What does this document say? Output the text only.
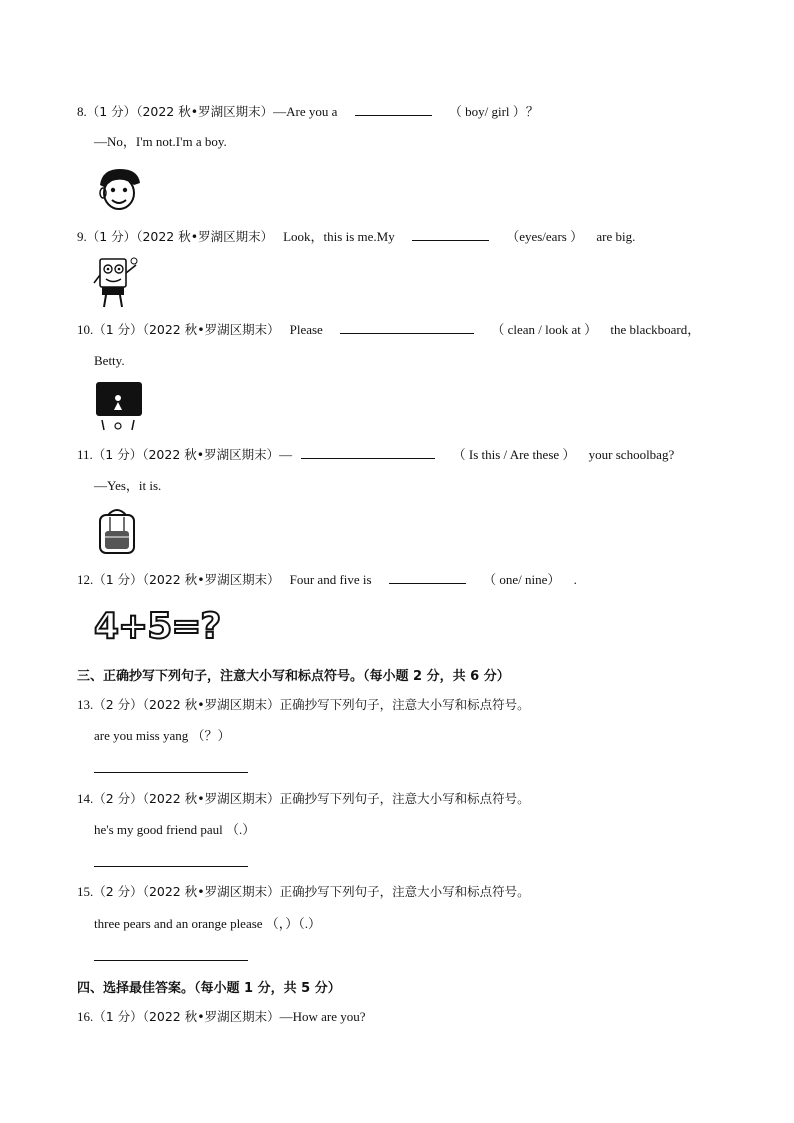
8.（1 分）（2022 秋•罗湖区期末）—Are you a	（ boy/ girl ）？
—No，I'm not.I'm a boy.
9.（1 分）（2022 秋•罗湖区期末） Look，this is me.My	（eyes/ears ） are big.
10.（1 分）（2022 秋•罗湖区期末） Please	（ clean / look at ） the blackboard，
Betty.
11.（1 分）（2022 秋•罗湖区期末）—	（ Is this / Are these ） your schoolbag?
—Yes，it is.
12.（1 分）（2022 秋•罗湖区期末） Four and five is	（ one/ nine） .
4+5=?
三、正确抄写下列句子，注意大小写和标点符号。（每小题 2 分，共 6 分）
13.（2 分）（2022 秋•罗湖区期末）正确抄写下列句子，注意大小写和标点符号。
are you miss yang （？）
14.（2 分）（2022 秋•罗湖区期末）正确抄写下列句子，注意大小写和标点符号。
he's my good friend paul （.）
15.（2 分）（2022 秋•罗湖区期末）正确抄写下列句子，注意大小写和标点符号。
three pears and an orange please （，）（.）
四、选择最佳答案。（每小题 1 分，共 5 分）
16.（1 分）（2022 秋•罗湖区期末）—How are you?
